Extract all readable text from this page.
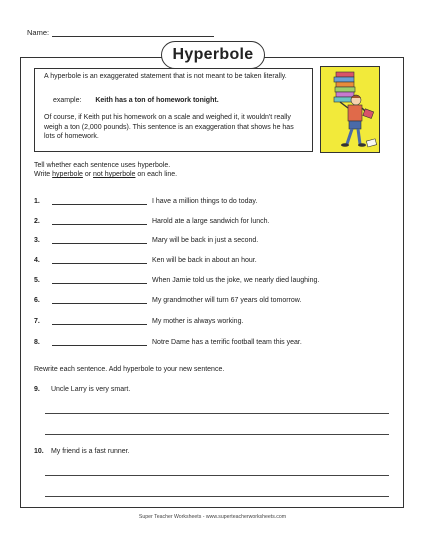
Name:
Hyperbole
A hyperbole is an exaggerated statement that is not meant to be taken literally.
example: Keith has a ton of homework tonight.
Of course, if Keith put his homework on a scale and weighed it, it wouldn't really weigh a ton (2,000 pounds). This sentence is an exaggeration that shows he has lots of homework.
Tell whether each sentence uses hyperbole.
Write hyperbole or not hyperbole on each line.
1.	I have a million things to do today.
2.	Harold ate a large sandwich for lunch.
3.	Mary will be back in just a second.
4.	Ken will be back in about an hour.
5.	When Jamie told us the joke, we nearly died laughing.
6.	My grandmother will turn 67 years old tomorrow.
7.	My mother is always working.
8.	Notre Dame has a terrific football team this year.
Rewrite each sentence. Add hyperbole to your new sentence.
9. Uncle Larry is very smart.
10. My friend is a fast runner.
Super Teacher Worksheets - www.superteacherworksheets.com
